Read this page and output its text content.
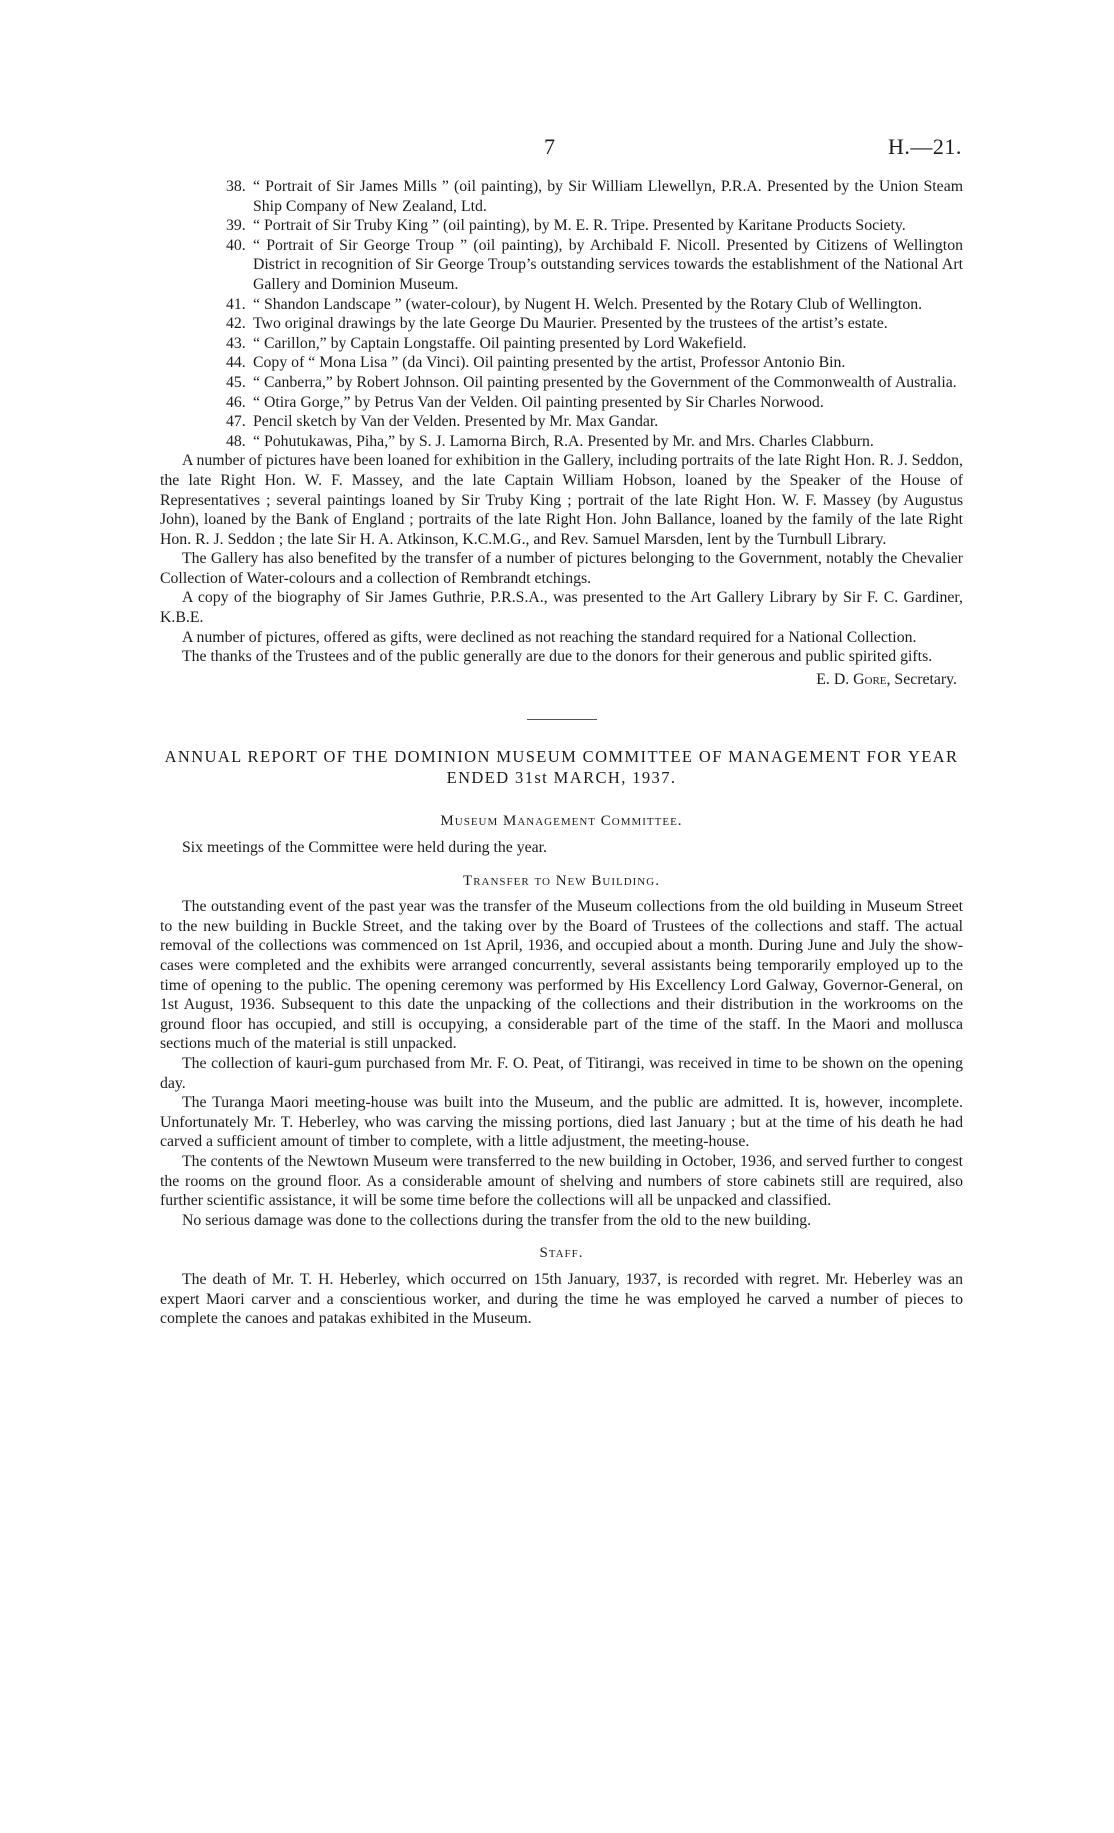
7	H.—21.
38. “ Portrait of Sir James Mills ” (oil painting), by Sir William Llewellyn, P.R.A. Presented by the Union Steam Ship Company of New Zealand, Ltd.
39. “ Portrait of Sir Truby King ” (oil painting), by M. E. R. Tripe. Presented by Karitane Products Society.
40. “ Portrait of Sir George Troup ” (oil painting), by Archibald F. Nicoll. Presented by Citizens of Wellington District in recognition of Sir George Troup’s outstanding services towards the establishment of the National Art Gallery and Dominion Museum.
41. “ Shandon Landscape ” (water-colour), by Nugent H. Welch. Presented by the Rotary Club of Wellington.
42. Two original drawings by the late George Du Maurier. Presented by the trustees of the artist’s estate.
43. “ Carillon,” by Captain Longstaffe. Oil painting presented by Lord Wakefield.
44. Copy of “ Mona Lisa ” (da Vinci). Oil painting presented by the artist, Professor Antonio Bin.
45. “ Canberra,” by Robert Johnson. Oil painting presented by the Government of the Commonwealth of Australia.
46. “ Otira Gorge,” by Petrus Van der Velden. Oil painting presented by Sir Charles Norwood.
47. Pencil sketch by Van der Velden. Presented by Mr. Max Gandar.
48. “ Pohutukawas, Piha,” by S. J. Lamorna Birch, R.A. Presented by Mr. and Mrs. Charles Clabburn.

A number of pictures have been loaned for exhibition in the Gallery, including portraits of the late Right Hon. R. J. Seddon, the late Right Hon. W. F. Massey, and the late Captain William Hobson, loaned by the Speaker of the House of Representatives ; several paintings loaned by Sir Truby King ; portrait of the late Right Hon. W. F. Massey (by Augustus John), loaned by the Bank of England ; portraits of the late Right Hon. John Ballance, loaned by the family of the late Right Hon. R. J. Seddon ; the late Sir H. A. Atkinson, K.C.M.G., and Rev. Samuel Marsden, lent by the Turnbull Library.

The Gallery has also benefited by the transfer of a number of pictures belonging to the Government, notably the Chevalier Collection of Water-colours and a collection of Rembrandt etchings.

A copy of the biography of Sir James Guthrie, P.R.S.A., was presented to the Art Gallery Library by Sir F. C. Gardiner, K.B.E.

A number of pictures, offered as gifts, were declined as not reaching the standard required for a National Collection.

The thanks of the Trustees and of the public generally are due to the donors for their generous and public spirited gifts.

E. D. Gore, Secretary.
ANNUAL REPORT OF THE DOMINION MUSEUM COMMITTEE OF MANAGEMENT FOR YEAR ENDED 31st MARCH, 1937.
Museum Management Committee.

Six meetings of the Committee were held during the year.

Transfer to New Building.

The outstanding event of the past year was the transfer of the Museum collections from the old building in Museum Street to the new building in Buckle Street, and the taking over by the Board of Trustees of the collections and staff. The actual removal of the collections was commenced on 1st April, 1936, and occupied about a month. During June and July the show-cases were completed and the exhibits were arranged concurrently, several assistants being temporarily employed up to the time of opening to the public. The opening ceremony was performed by His Excellency Lord Galway, Governor-General, on 1st August, 1936. Subsequent to this date the unpacking of the collections and their distribution in the workrooms on the ground floor has occupied, and still is occupying, a considerable part of the time of the staff. In the Maori and mollusca sections much of the material is still unpacked.

The collection of kauri-gum purchased from Mr. F. O. Peat, of Titirangi, was received in time to be shown on the opening day.

The Turanga Maori meeting-house was built into the Museum, and the public are admitted. It is, however, incomplete. Unfortunately Mr. T. Heberley, who was carving the missing portions, died last January ; but at the time of his death he had carved a sufficient amount of timber to complete, with a little adjustment, the meeting-house.

The contents of the Newtown Museum were transferred to the new building in October, 1936, and served further to congest the rooms on the ground floor. As a considerable amount of shelving and numbers of store cabinets still are required, also further scientific assistance, it will be some time before the collections will all be unpacked and classified.

No serious damage was done to the collections during the transfer from the old to the new building.

Staff.

The death of Mr. T. H. Heberley, which occurred on 15th January, 1937, is recorded with regret. Mr. Heberley was an expert Maori carver and a conscientious worker, and during the time he was employed he carved a number of pieces to complete the canoes and patakas exhibited in the Museum.
